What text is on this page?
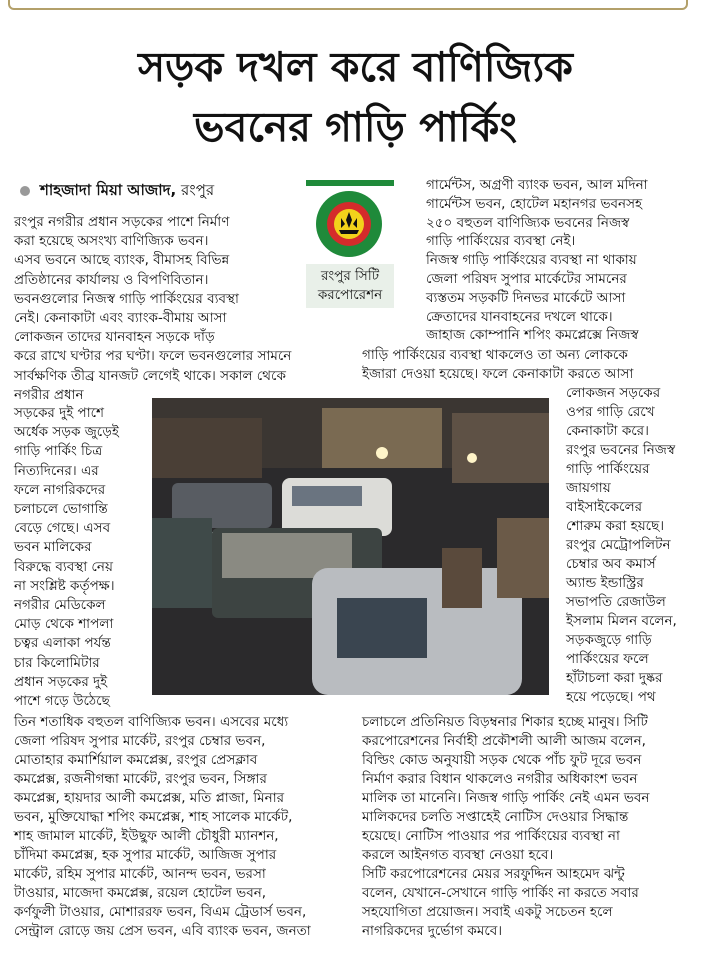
সড়ক দখল করে বাণিজ্যিক
ভবনের গাড়ি পার্কিং
শাহজাদা মিয়া আজাদ, রংপুর
রংপুর সিটি
করপোরেশন
রংপুর নগরীর প্রধান সড়কের পাশে নির্মাণ
করা হয়েছে অসংখ্য বাণিজ্যিক ভবন।
এসব ভবনে আছে ব্যাংক, বীমাসহ বিভিন্ন
প্রতিষ্ঠানের কার্যালয় ও বিপণিবিতান।
ভবনগুলোর নিজস্ব গাড়ি পার্কিংয়ের ব্যবস্থা
নেই। কেনাকাটা এবং ব্যাংক-বীমায় আসা
লোকজন তাদের যানবাহন সড়কে দাঁড়
করে রাখে ঘণ্টার পর ঘণ্টা। ফলে ভবনগুলোর সামনে
সার্বক্ষণিক তীব্র যানজট লেগেই থাকে। সকাল থেকে
নগরীর প্রধান
সড়কের দুই পাশে
অর্ধেক সড়ক জুড়েই
গাড়ি পার্কিং চিত্র
নিত্যদিনের। এর
ফলে নাগরিকদের
চলাচলে ভোগান্তি
বেড়ে গেছে। এসব
ভবন মালিকের
বিরুদ্ধে ব্যবস্থা নেয়
না সংশ্লিষ্ট কর্তৃপক্ষ।
নগরীর মেডিকেল
মোড় থেকে শাপলা
চত্বর এলাকা পর্যন্ত
চার কিলোমিটার
প্রধান সড়কের দুই
পাশে গড়ে উঠেছে
তিন শতাধিক বহুতল বাণিজ্যিক ভবন। এসবের মধ্যে
জেলা পরিষদ সুপার মার্কেট, রংপুর চেম্বার ভবন,
মোতাহার কমার্শিয়াল কমপ্লেক্স, রংপুর প্রেসক্লাব
কমপ্লেক্স, রজনীগন্ধা মার্কেট, রংপুর ভবন, সিঙ্গার
কমপ্লেক্স, হায়দার আলী কমপ্লেক্স, মতি প্লাজা, মিনার
ভবন, মুক্তিযোদ্ধা শপিং কমপ্লেক্স, শাহ সালেক মার্কেট,
শাহ জামাল মার্কেট, ইউছুফ আলী চৌধুরী ম্যানশন,
চাঁদিমা কমপ্লেক্স, হক সুপার মার্কেট, আজিজ সুপার
মার্কেট, রহিম সুপার মার্কেট, আনন্দ ভবন, ভরসা
টাওয়ার, মাজেদা কমপ্লেক্স, রয়েল হোটেল ভবন,
কর্ণফুলী টাওয়ার, মোশাররফ ভবন, বিএম ট্রেডার্স ভবন,
সেন্ট্রাল রোড়ে জয় প্রেস ভবন, এবি ব্যাংক ভবন, জনতা
গার্মেন্টস, অগ্রণী ব্যাংক ভবন, আল মদিনা
গার্মেন্টস ভবন, হোটেল মহানগর ভবনসহ
২৫০ বহুতল বাণিজ্যিক ভবনের নিজস্ব
গাড়ি পার্কিংয়ের ব্যবস্থা নেই।
নিজস্ব গাড়ি পার্কিংয়ের ব্যবস্থা না থাকায়
জেলা পরিষদ সুপার মার্কেটের সামনের
ব্যস্ততম সড়কটি দিনভর মার্কেটে আসা
ক্রেতাদের যানবাহনের দখলে থাকে।
জাহাজ কোম্পানি শপিং কমপ্লেক্সে নিজস্ব
গাড়ি পার্কিংয়ের ব্যবস্থা থাকলেও তা অন্য লোককে
ইজারা দেওয়া হয়েছে। ফলে কেনাকাটা করতে আসা
লোকজন সড়কের
ওপর গাড়ি রেখে
কেনাকাটা করে।
রংপুর ভবনের নিজস্ব
গাড়ি পার্কিংয়ের
জায়গায়
বাইসাইকেলের
শোরুম করা হয়ছে।
রংপুর মেট্রোপলিটন
চেম্বার অব কমার্স
অ্যান্ড ইন্ডাস্ট্রির
সভাপতি রেজাউল
ইসলাম মিলন বলেন,
সড়কজুড়ে গাড়ি
পার্কিংয়ের ফলে
হাঁটাচলা করা দুষ্কর
হয়ে পড়েছে। পথ
চলাচলে প্রতিনিয়ত বিড়ম্বনার শিকার হচ্ছে মানুষ। সিটি
করপোরেশনের নির্বাহী প্রকৌশলী আলী আজম বলেন,
বিল্ডিং কোড অনুযায়ী সড়ক থেকে পাঁচ ফুট দূরে ভবন
নির্মাণ করার বিধান থাকলেও নগরীর অধিকাংশ ভবন
মালিক তা মানেনি। নিজস্ব গাড়ি পার্কিং নেই এমন ভবন
মালিকদের চলতি সপ্তাহেই নোটিস দেওয়ার সিদ্ধান্ত
হয়েছে। নোটিস পাওয়ার পর পার্কিংয়ের ব্যবস্থা না
করলে আইনগত ব্যবস্থা নেওয়া হবে।
সিটি করপোরেশনের মেয়র সরফুদ্দিন আহমেদ ঝন্টু
বলেন, যেখানে-সেখানে গাড়ি পার্কিং না করতে সবার
সহযোগিতা প্রয়োজন। সবাই একটু সচেতন হলে
নাগরিকদের দুর্ভোগ কমবে।
